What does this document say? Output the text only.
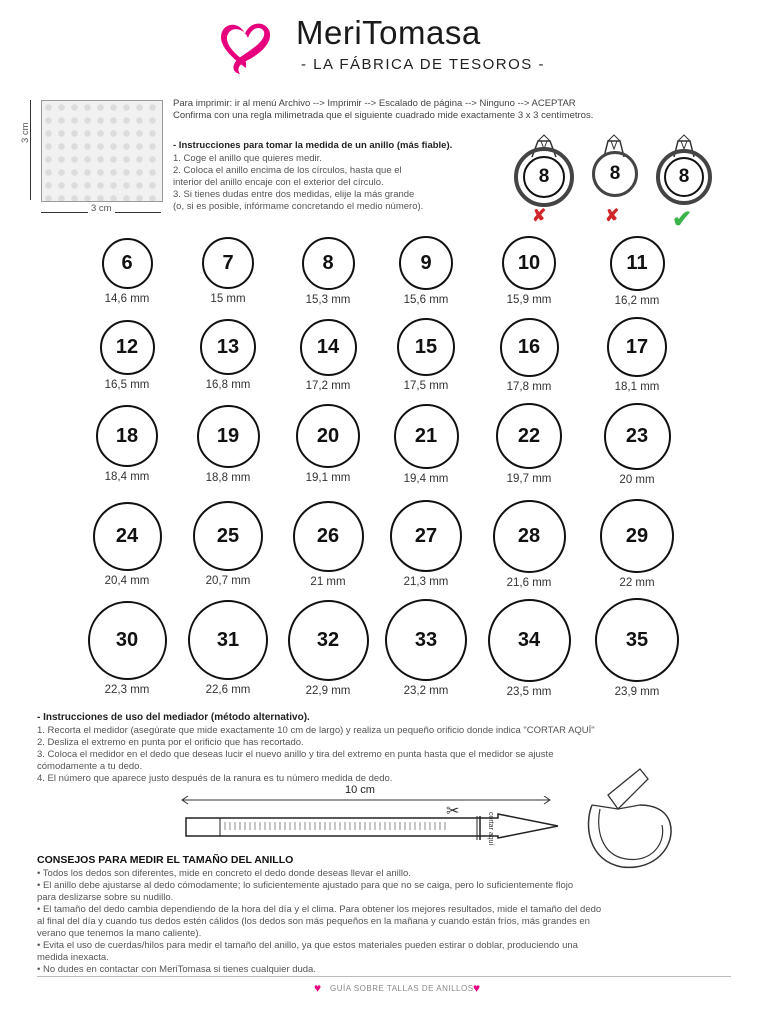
MeriTomasa
- LA FÁBRICA DE TESOROS -
3 cm
3 cm
Para imprimir: ir al menú Archivo --> Imprimir --> Escalado de página --> Ninguno --> ACEPTAR
Confirma con una regla milimetrada que el siguiente cuadrado mide exactamente 3 x 3 centímetros.
- Instrucciones para tomar la medida de un anillo (más fiable).
1. Coge el anillo que quieres medir.
2. Coloca el anillo encima de los círculos, hasta que el
interior del anillo encaje con el exterior del círculo.
3. Si tienes dudas entre dos medidas, elije la más grande
(o, si es posible, infórmame concretando el medio número).
8	8	8
✘	✘ ✔
6
14,6 mm
7
15 mm
8
15,3 mm
9
15,6 mm
10
15,9 mm
11
16,2 mm
12
16,5 mm
13
16,8 mm
14
17,2 mm
15
17,5 mm
16
17,8 mm
17
18,1 mm
18
18,4 mm
19
18,8 mm
20
19,1 mm
21
19,4 mm
22
19,7 mm
23
20 mm
24
20,4 mm
25
20,7 mm
26
21 mm
27
21,3 mm
28
21,6 mm
29
22 mm
30
22,3 mm
31
22,6 mm
32
22,9 mm
33
23,2 mm
34
23,5 mm
35
23,9 mm
- Instrucciones de uso del mediador (método alternativo).
1. Recorta el medidor (asegúrate que mide exactamente 10 cm de largo) y realiza un pequeño orificio donde indica "CORTAR AQUÍ"
2. Desliza el extremo en punta por el orificio que has recortado.
3. Coloca el medidor en el dedo que deseas lucir el nuevo anillo y tira del extremo en punta hasta que el medidor se ajuste
cómodamente a tu dedo.
4. El número que aparece justo después de la ranura es tu número medida de dedo.
10 cm
cortar aquí
✂
CONSEJOS PARA MEDIR EL TAMAÑO DEL ANILLO
• Todos los dedos son diferentes, mide en concreto el dedo donde deseas llevar el anillo.
• El anillo debe ajustarse al dedo cómodamente; lo suficientemente ajustado para que no se caiga, pero lo suficientemente flojo
para deslizarse sobre su nudillo.
• El tamaño del dedo cambia dependiendo de la hora del día y el clima. Para obtener los mejores resultados, mide el tamaño del dedo
al final del día y cuando tus dedos estén cálidos (los dedos son más pequeños en la mañana y cuando están fríos, más grandes en
verano que tenemos la mano caliente).
• Evita el uso de cuerdas/hilos para medir el tamaño del anillo, ya que estos materiales pueden estirar o doblar, produciendo una
medida inexacta.
• No dudes en contactar con MeriTomasa si tienes cualquier duda.
♥ GUÍA SOBRE TALLAS DE ANILLOS ♥
